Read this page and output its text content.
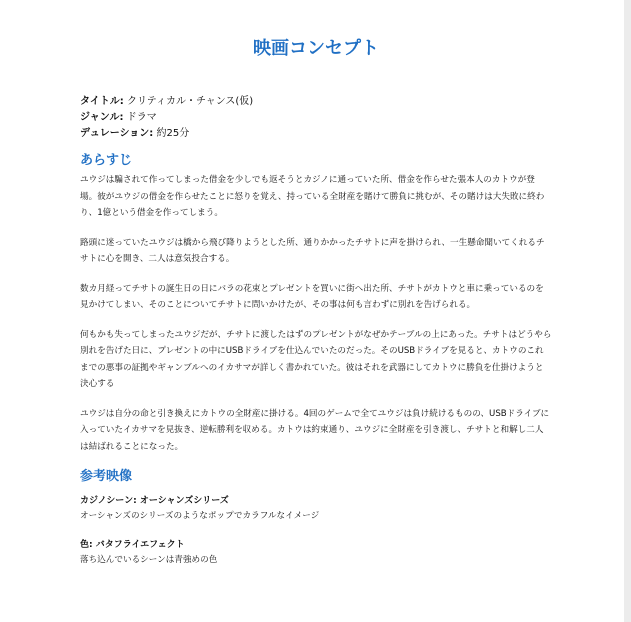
映画コンセプト
タイトル: クリティカル・チャンス(仮)
ジャンル: ドラマ
デュレーション: 約25分
あらすじ

ユウジは騙されて作ってしまった借金を少しでも返そうとカジノに通っていた所、借金を作らせた張本人のカトウが登場。彼がユウジの借金を作らせたことに怒りを覚え、持っている全財産を賭けて勝負に挑むが、その賭けは大失敗に終わり、1億という借金を作ってしまう。

路頭に迷っていたユウジは橋から飛び降りようとした所、通りかかったチサトに声を掛けられ、一生懸命聞いてくれるチサトに心を開き、二人は意気投合する。

数カ月経ってチサトの誕生日の日にバラの花束とプレゼントを買いに街へ出た所、チサトがカトウと車に乗っているのを見かけてしまい、そのことについてチサトに問いかけたが、その事は何も言わずに別れを告げられる。

何もかも失ってしまったユウジだが、チサトに渡したはずのプレゼントがなぜかテーブルの上にあった。チサトはどうやら別れを告げた日に、プレゼントの中にUSBドライブを仕込んでいたのだった。そのUSBドライブを見ると、カトウのこれまでの悪事の証拠やギャンブルへのイカサマが詳しく書かれていた。彼はそれを武器にしてカトウに勝負を仕掛けようと決心する

ユウジは自分の命と引き換えにカトウの全財産に掛ける。4回のゲームで全てユウジは負け続けるものの、USBドライブに入っていたイカサマを見抜き、逆転勝利を収める。カトウは約束通り、ユウジに全財産を引き渡し、チサトと和解し二人は結ばれることになった。

参考映像
カジノシーン: オーシャンズシリーズ
オーシャンズのシリーズのようなポップでカラフルなイメージ
色: バタフライエフェクト
落ち込んでいるシーンは青強めの色
